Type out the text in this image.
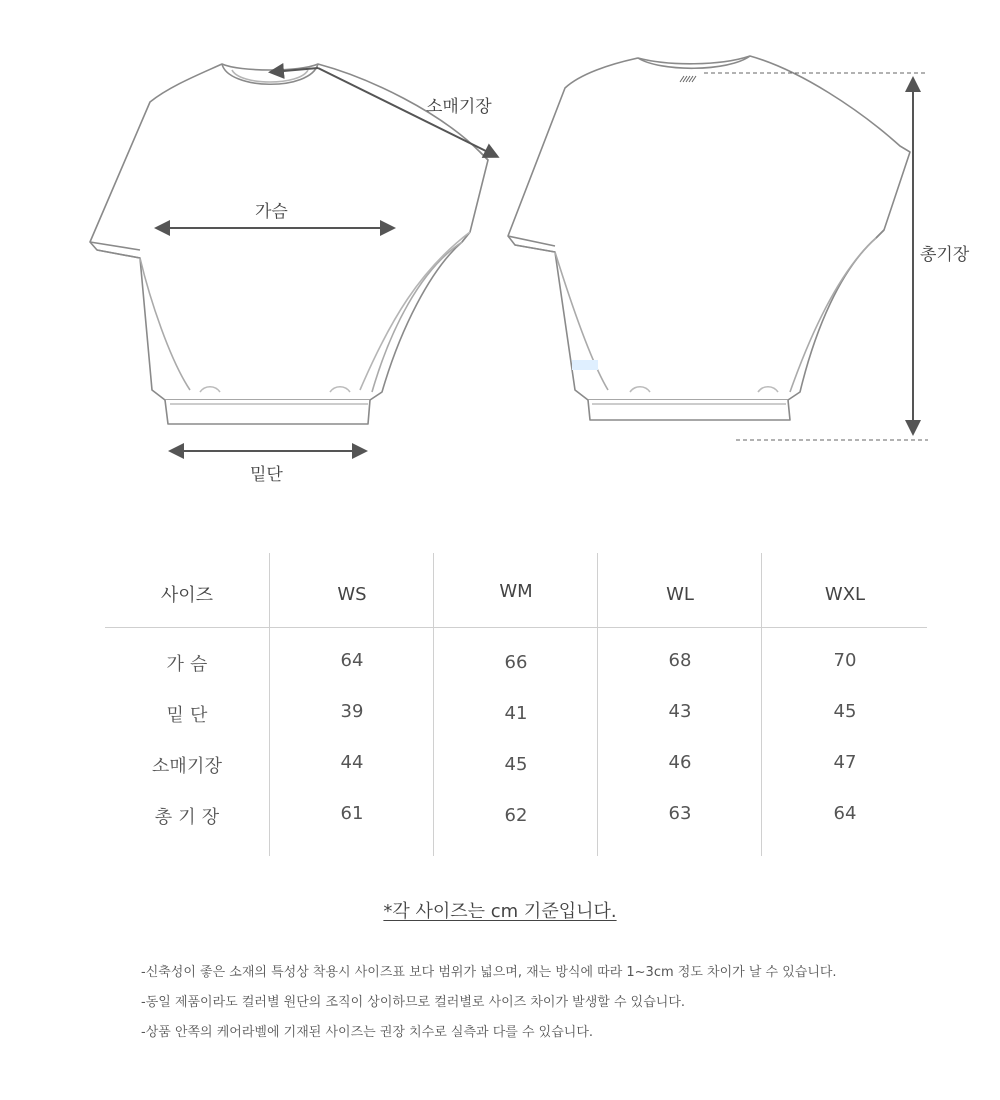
소매기장
가슴
밑단
총기장
사이즈
가 슴
밑 단
소매기장
총 기 장
WS
64
39
44
61
WM
66
41
45
62
WL
68
43
46
63
WXL
70
45
47
64
*각 사이즈는 cm 기준입니다.
-신축성이 좋은 소재의 특성상 착용시 사이즈표 보다 범위가 넓으며, 재는 방식에 따라 1~3cm 정도 차이가 날 수 있습니다.
-동일 제품이라도 컬러별 원단의 조직이 상이하므로 컬러별로 사이즈 차이가 발생할 수 있습니다.
-상품 안쪽의 케어라벨에 기재된 사이즈는 권장 치수로 실측과 다를 수 있습니다.
